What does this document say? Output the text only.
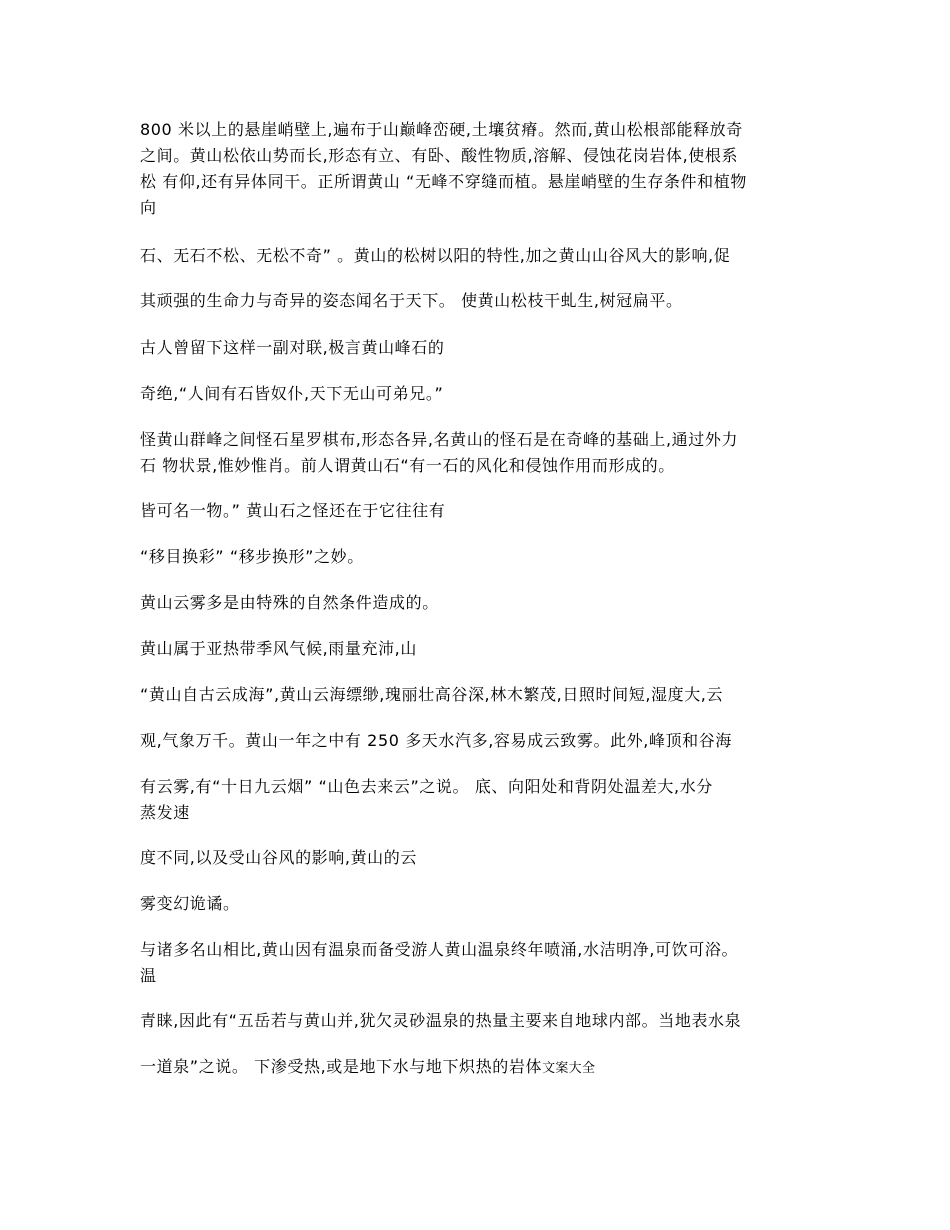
800 米以上的悬崖峭壁上,遍布于山巅峰峦硬,土壤贫瘠。然而,黄山松根部能释放奇
之间。黄山松依山势而长,形态有立、有卧、酸性物质,溶解、侵蚀花岗岩体,使根系
松 有仰,还有异体同干。正所谓黄山 “无峰不穿缝而植。悬崖峭壁的生存条件和植物
向

石、无石不松、无松不奇” 。黄山的松树以阳的特性,加之黄山山谷风大的影响,促

其顽强的生命力与奇异的姿态闻名于天下。 使黄山松枝干虬生,树冠扁平。

古人曾留下这样一副对联,极言黄山峰石的

奇绝,“人间有石皆奴仆,天下无山可弟兄。”

怪黄山群峰之间怪石星罗棋布,形态各异,名黄山的怪石是在奇峰的基础上,通过外力
石 物状景,惟妙惟肖。前人谓黄山石“有一石的风化和侵蚀作用而形成的。

皆可名一物。” 黄山石之怪还在于它往往有

“移目换彩” “移步换形”之妙。

黄山云雾多是由特殊的自然条件造成的。

黄山属于亚热带季风气候,雨量充沛,山

“黄山自古云成海”,黄山云海缥缈,瑰丽壮高谷深,林木繁茂,日照时间短,湿度大,云

观,气象万千。黄山一年之中有 250 多天水汽多,容易成云致雾。此外,峰顶和谷海

有云雾,有“十日九云烟” “山色去来云”之说。 底、向阳处和背阴处温差大,水分
蒸发速

度不同,以及受山谷风的影响,黄山的云

雾变幻诡谲。

与诸多名山相比,黄山因有温泉而备受游人黄山温泉终年喷涌,水洁明净,可饮可浴。
温

青睐,因此有“五岳若与黄山并,犹欠灵砂温泉的热量主要来自地球内部。当地表水泉

一道泉”之说。 下渗受热,或是地下水与地下炽热的岩体文案大全
